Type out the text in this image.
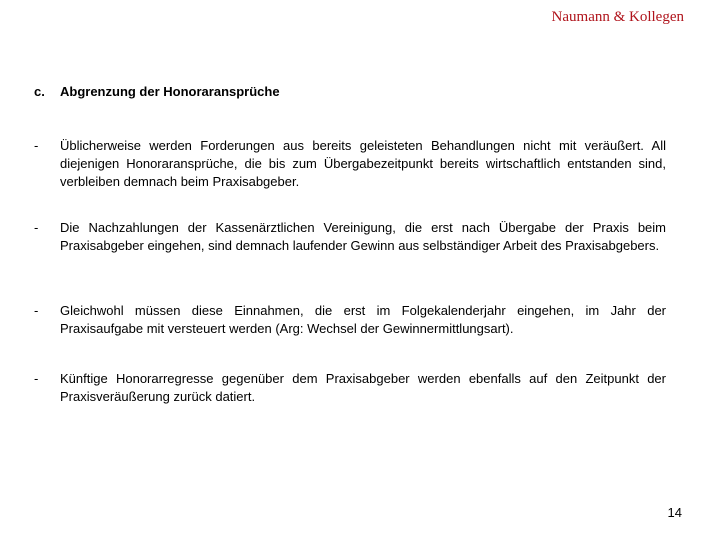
Naumann & Kollegen
c. Abgrenzung der Honoraransprüche
- Üblicherweise werden Forderungen aus bereits geleisteten Behandlungen nicht mit veräußert. All diejenigen Honoraransprüche, die bis zum Übergabezeitpunkt bereits wirtschaftlich entstanden sind, verbleiben demnach beim Praxisabgeber.
- Die Nachzahlungen der Kassenärztlichen Vereinigung, die erst nach Übergabe der Praxis beim Praxisabgeber eingehen, sind demnach laufender Gewinn aus selbständiger Arbeit des Praxisabgebers.
- Gleichwohl müssen diese Einnahmen, die erst im Folgekalenderjahr eingehen, im Jahr der Praxisaufgabe mit versteuert werden (Arg: Wechsel der Gewinnermittlungsart).
- Künftige Honorarregresse gegenüber dem Praxisabgeber werden ebenfalls auf den Zeitpunkt der Praxisveräußerung zurück datiert.
14
